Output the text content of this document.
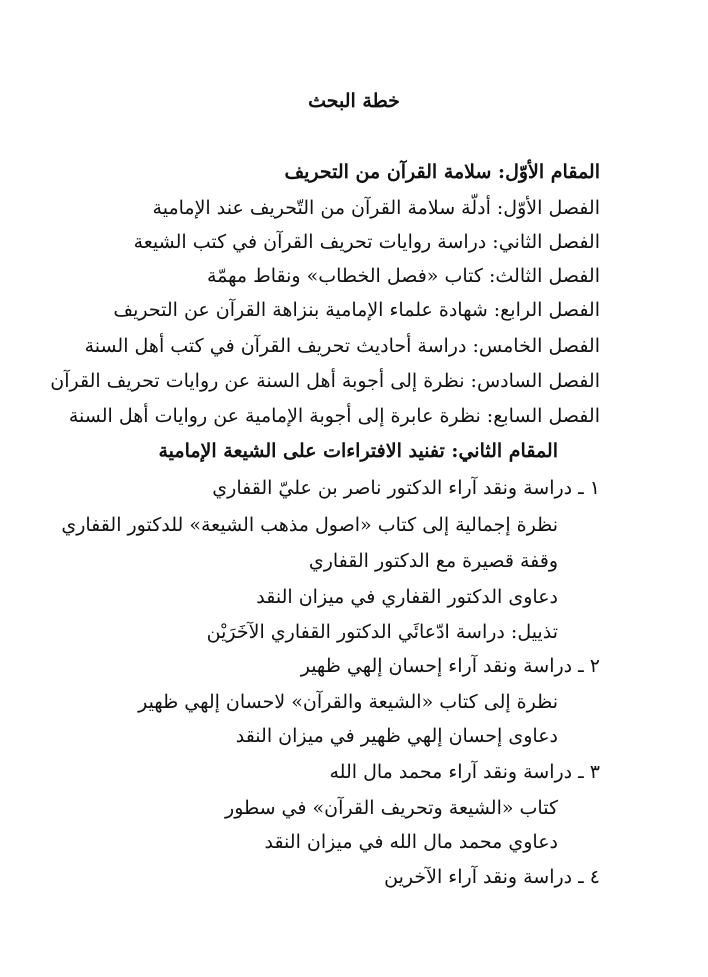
خطة البحث
المقام الأوّل: سلامة القرآن من التحريف
الفصل الأوّل: أدلّة سلامة القرآن من التّحريف عند الإمامية
الفصل الثاني: دراسة روايات تحريف القرآن في كتب الشيعة
الفصل الثالث: كتاب «فصل الخطاب» ونقاط مهمّة
الفصل الرابع: شهادة علماء الإمامية بنزاهة القرآن عن التحريف
الفصل الخامس: دراسة أحاديث تحريف القرآن في كتب أهل السنة
الفصل السادس: نظرة إلى أجوبة أهل السنة عن روايات تحريف القرآن
الفصل السابع: نظرة عابرة إلى أجوبة الإمامية عن روايات أهل السنة
المقام الثاني: تفنيد الافتراءات على الشيعة الإمامية
١ ـ دراسة ونقد آراء الدكتور ناصر بن عليّ القفاري
نظرة إجمالية إلى كتاب «اصول مذهب الشيعة» للدكتور القفاري
وقفة قصيرة مع الدكتور القفاري
دعاوى الدكتور القفاري في ميزان النقد
تذييل: دراسة ادّعائَي الدكتور القفاري الآخَرَيْن
٢ ـ دراسة ونقد آراء إحسان إلهي ظهير
نظرة إلى كتاب «الشيعة والقرآن» لاحسان إلهي ظهير
دعاوى إحسان إلهي ظهير في ميزان النقد
٣ ـ دراسة ونقد آراء محمد مال الله
كتاب «الشيعة وتحريف القرآن» في سطور
دعاوي محمد مال الله في ميزان النقد
٤ ـ دراسة ونقد آراء الآخرين
